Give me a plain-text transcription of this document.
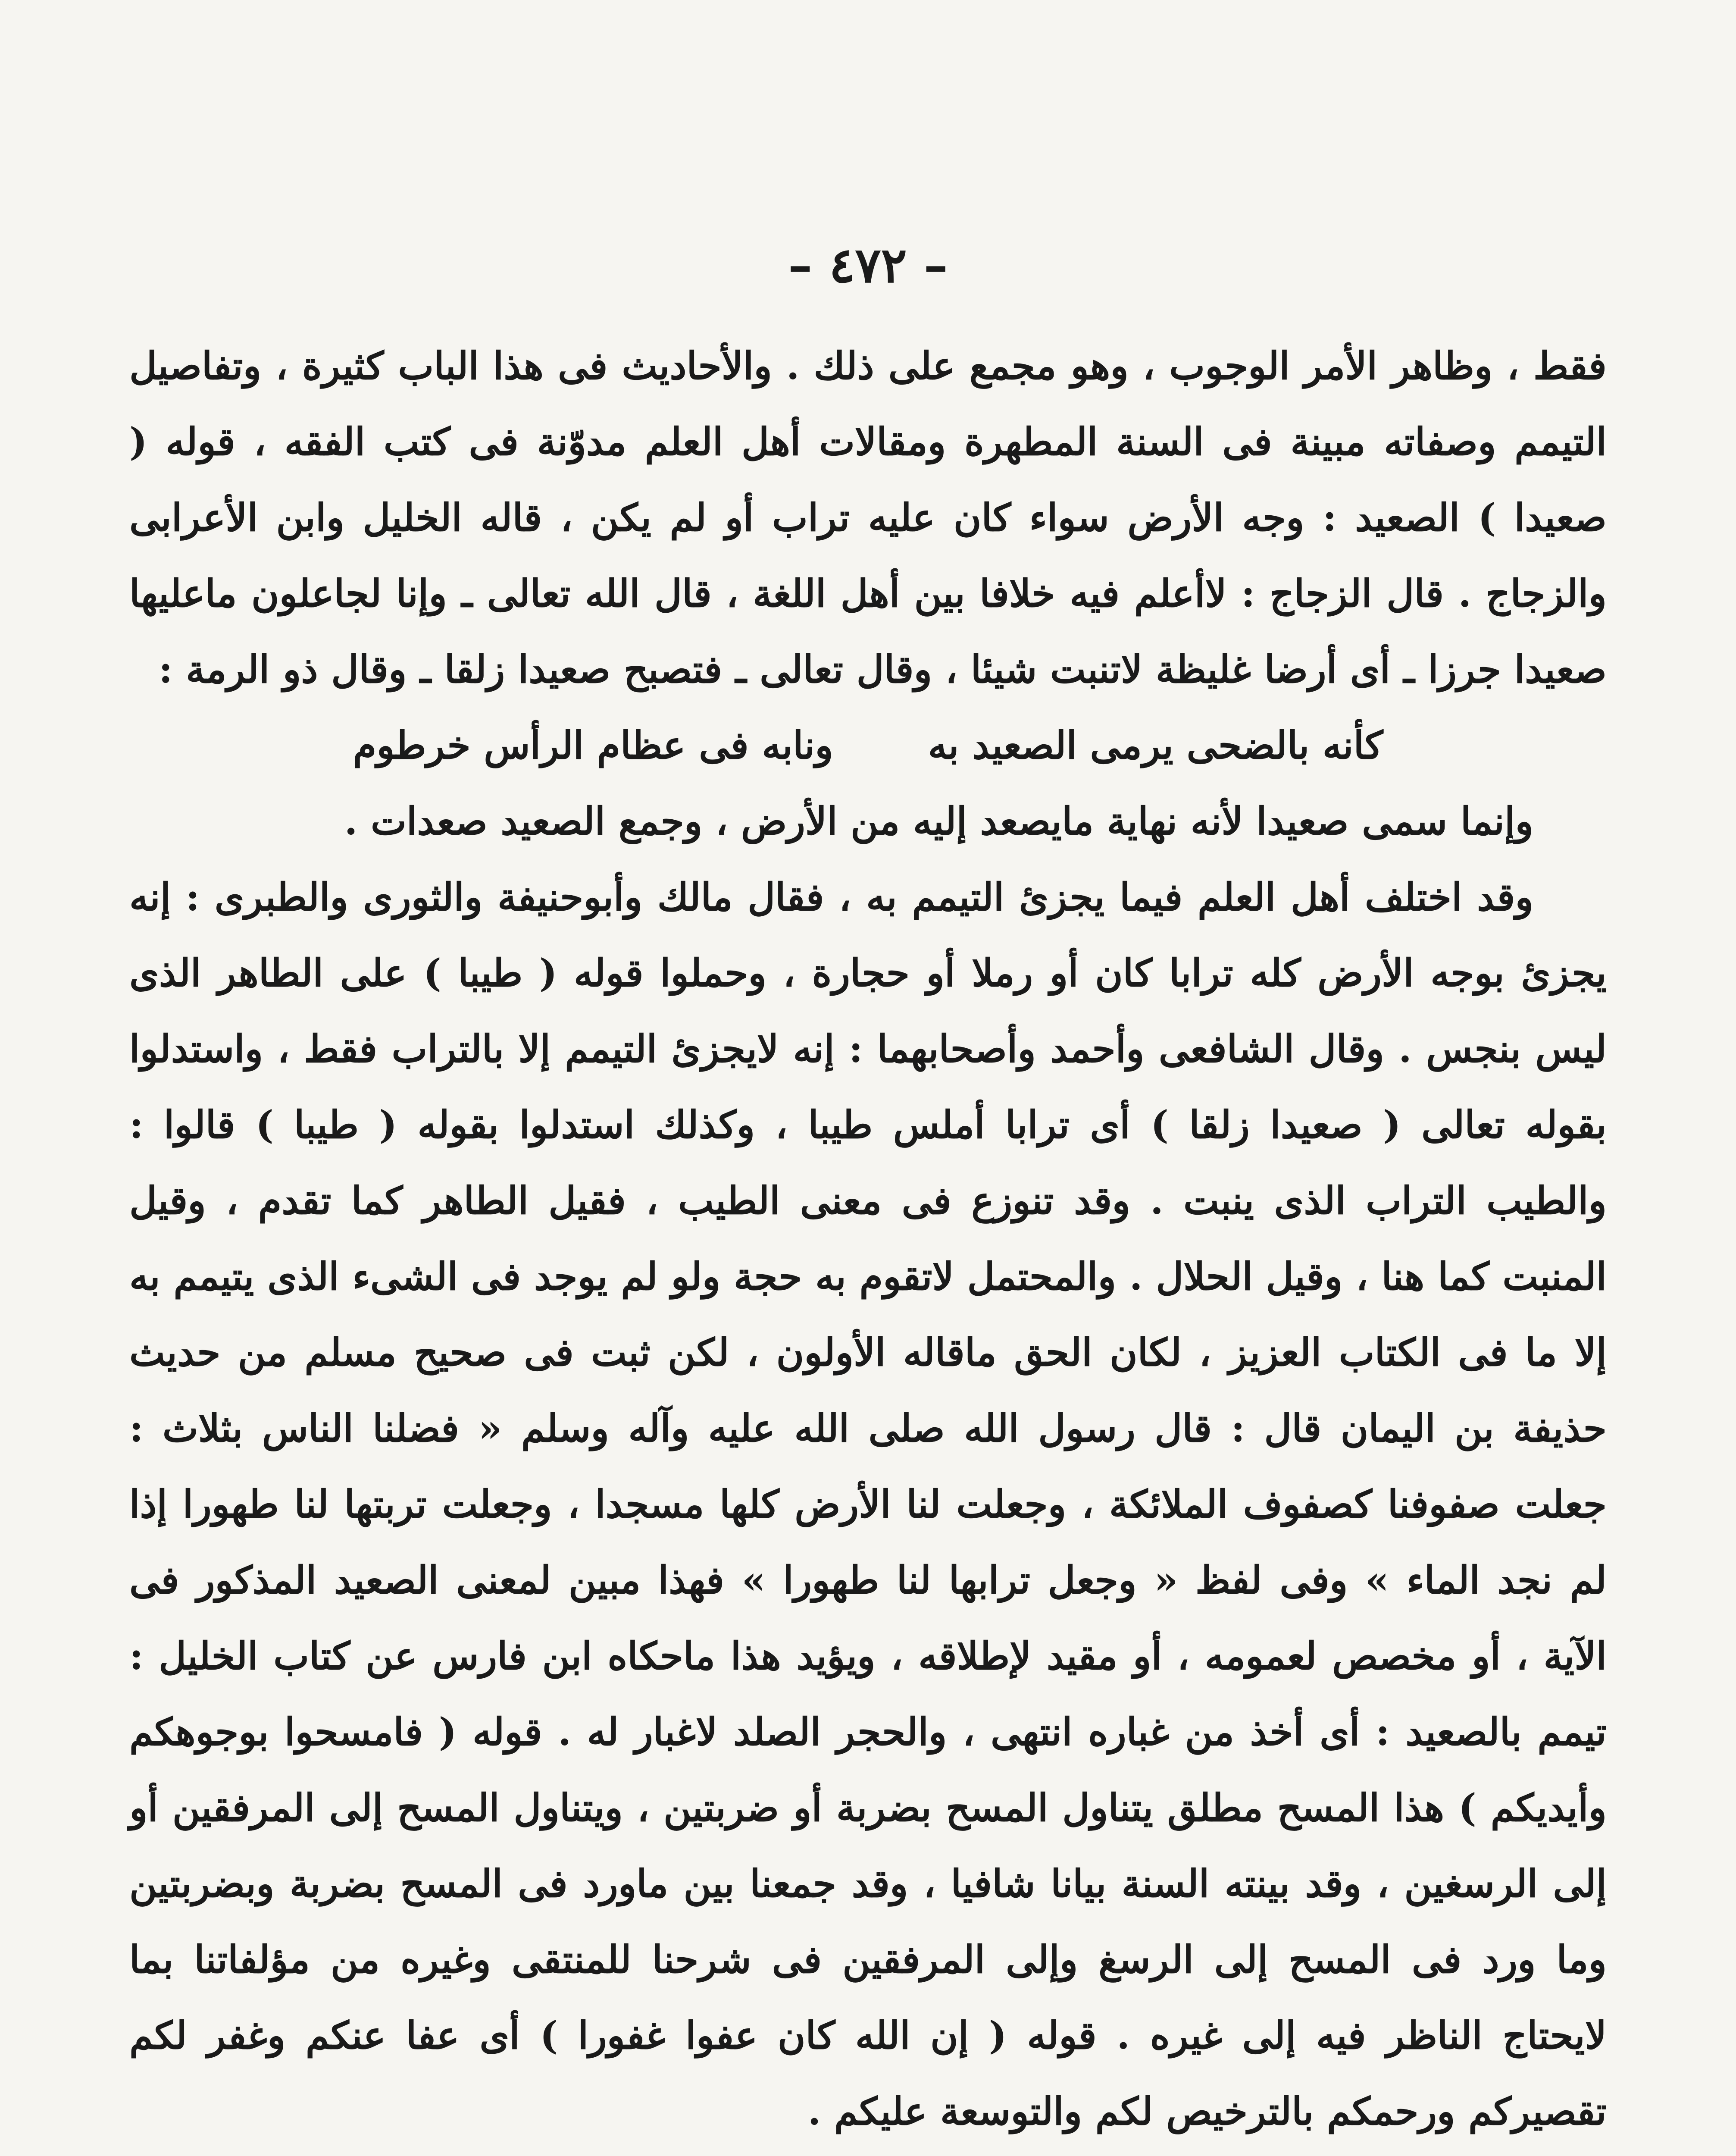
– ٤٧٢ –

فقط ، وظاهر الأمر الوجوب ، وهو مجمع على ذلك . والأحاديث فى هذا الباب كثيرة ، وتفاصيل التيمم وصفاته مبينة فى السنة المطهرة ومقالات أهل العلم مدوّنة فى كتب الفقه ، قوله ( صعيدا ) الصعيد : وجه الأرض سواء كان عليه تراب أو لم يكن ، قاله الخليل وابن الأعرابى والزجاج . قال الزجاج : لاأعلم فيه خلافا بين أهل اللغة ، قال الله تعالى ـ وإنا لجاعلون ماعليها صعيدا جرزا ـ أى أرضا غليظة لاتنبت شيئا ، وقال تعالى ـ فتصبح صعيدا زلقا ـ وقال ذو الرمة :

كأنه بالضحى يرمى الصعيد به
ونابه فى عظام الرأس خرطوم

وإنما سمى صعيدا لأنه نهاية مايصعد إليه من الأرض ، وجمع الصعيد صعدات .

وقد اختلف أهل العلم فيما يجزئ التيمم به ، فقال مالك وأبوحنيفة والثورى والطبرى : إنه يجزئ بوجه الأرض كله ترابا كان أو رملا أو حجارة ، وحملوا قوله ( طيبا ) على الطاهر الذى ليس بنجس . وقال الشافعى وأحمد وأصحابهما : إنه لايجزئ التيمم إلا بالتراب فقط ، واستدلوا بقوله تعالى ( صعيدا زلقا ) أى ترابا أملس طيبا ، وكذلك استدلوا بقوله ( طيبا ) قالوا : والطيب التراب الذى ينبت . وقد تنوزع فى معنى الطيب ، فقيل الطاهر كما تقدم ، وقيل المنبت كما هنا ، وقيل الحلال . والمحتمل لاتقوم به حجة ولو لم يوجد فى الشىء الذى يتيمم به إلا ما فى الكتاب العزيز ، لكان الحق ماقاله الأولون ، لكن ثبت فى صحيح مسلم من حديث حذيفة بن اليمان قال : قال رسول الله صلى الله عليه وآله وسلم « فضلنا الناس بثلاث : جعلت صفوفنا كصفوف الملائكة ، وجعلت لنا الأرض كلها مسجدا ، وجعلت تربتها لنا طهورا إذا لم نجد الماء » وفى لفظ « وجعل ترابها لنا طهورا » فهذا مبين لمعنى الصعيد المذكور فى الآية ، أو مخصص لعمومه ، أو مقيد لإطلاقه ، ويؤيد هذا ماحكاه ابن فارس عن كتاب الخليل : تيمم بالصعيد : أى أخذ من غباره انتهى ، والحجر الصلد لاغبار له . قوله ( فامسحوا بوجوهكم وأيديكم ) هذا المسح مطلق يتناول المسح بضربة أو ضربتين ، ويتناول المسح إلى المرفقين أو إلى الرسغين ، وقد بينته السنة بيانا شافيا ، وقد جمعنا بين ماورد فى المسح بضربة وبضربتين وما ورد فى المسح إلى الرسغ وإلى المرفقين فى شرحنا للمنتقى وغيره من مؤلفاتنا بما لايحتاج الناظر فيه إلى غيره . قوله ( إن الله كان عفوا غفورا ) أى عفا عنكم وغفر لكم تقصيركم ورحمكم بالترخيص لكم والتوسعة عليكم .
